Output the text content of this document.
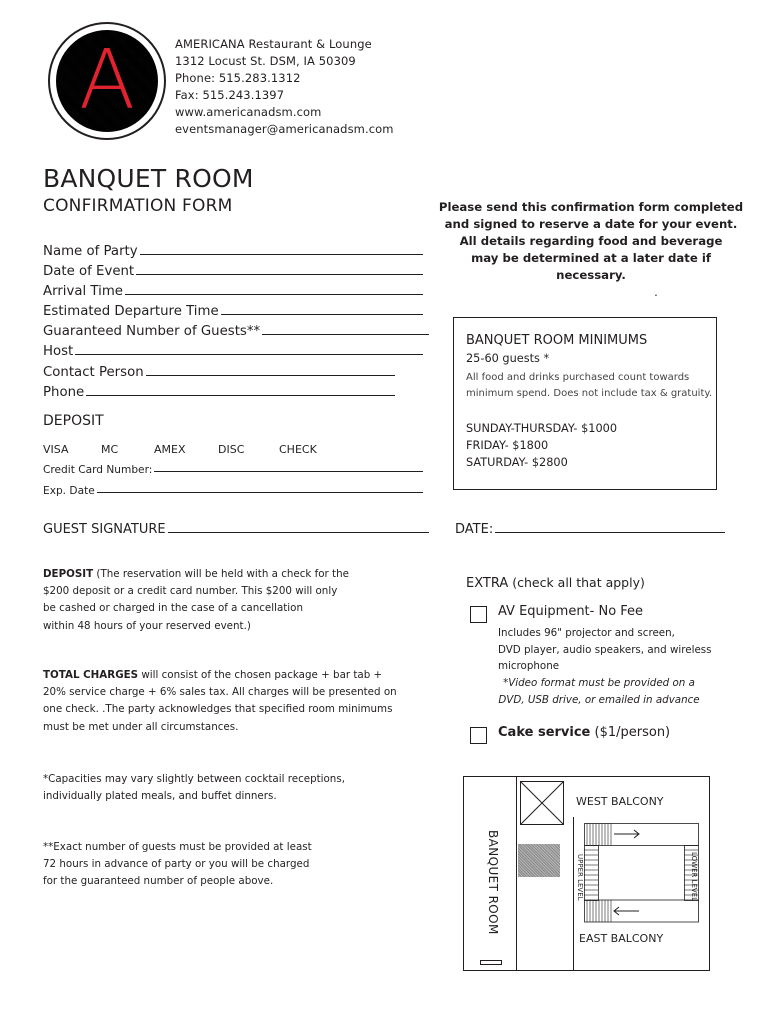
A	AMERICANA Restaurant & Lounge
1312 Locust St. DSM, IA 50309
Phone: 515.283.1312
Fax: 515.243.1397
www.americanadsm.com
eventsmanager@americanadsm.com
BANQUET ROOM
CONFIRMATION FORM
Name of Party
Date of Event
Arrival Time
Estimated Departure Time
Guaranteed Number of Guests**
Host
Contact Person
Phone
Please send this confirmation form completed
and signed to reserve a date for your event.
All details regarding food and beverage
may be determined at a later date if necessary.
.
BANQUET ROOM MINIMUMS
25-60 guests *
All food and drinks purchased count towards
minimum spend. Does not include tax & gratuity.
SUNDAY-THURSDAY- $1000
FRIDAY- $1800
SATURDAY- $2800
DEPOSIT
VISA	MC	AMEX	DISC	CHECK
Credit Card Number:
Exp. Date
GUEST SIGNATURE	DATE:
DEPOSIT (The reservation will be held with a check for the
$200 deposit or a credit card number. This $200 will only
be cashed or charged in the case of a cancellation
within 48 hours of your reserved event.)
TOTAL CHARGES will consist of the chosen package + bar tab +
20% service charge + 6% sales tax. All charges will be presented on
one check. .The party acknowledges that specified room minimums
must be met under all circumstances.
*Capacities may vary slightly between cocktail receptions,
individually plated meals, and buffet dinners.
**Exact number of guests must be provided at least
72 hours in advance of party or you will be charged
for the guaranteed number of people above.
EXTRA (check all that apply)
AV Equipment- No Fee
Includes 96" projector and screen,
DVD player, audio speakers, and wireless
microphone
*Video format must be provided on a
DVD, USB drive, or emailed in advance
Cake service ($1/person)
BANQUET ROOM
WEST BALCONY
UPPER LEVEL	LOWER LEVEL
EAST BALCONY
